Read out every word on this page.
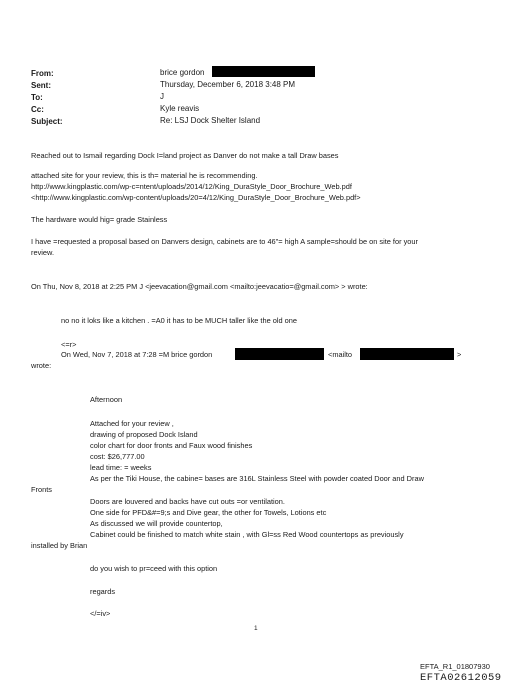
From:	brice gordon
Sent:	Thursday, December 6, 2018 3:48 PM
To:	J
Cc:	Kyle reavis
Subject:	Re: LSJ Dock Shelter Island
Reached out to Ismail regarding Dock I=land project as Danver do not make a tall Draw bases
attached site for your review, this is th= material he is recommending.
http://www.kingplastic.com/wp-c=ntent/uploads/2014/12/King_DuraStyle_Door_Brochure_Web.pdf
<http://www.kingplastic.com/wp-content/uploads/20=4/12/King_DuraStyle_Door_Brochure_Web.pdf>
The hardware would hig= grade Stainless
I have =requested a proposal based on Danvers design, cabinets are to 46"= high A sample=should be on site for your
review.
On Thu, Nov 8, 2018 at 2:25 PM J <jeevacation@gmail.com <mailto:jeevacatio=@gmail.com> > wrote:
no no it loks like a kitchen . =A0 it has to be MUCH taller like the old one
<=r>
On Wed, Nov 7, 2018 at 7:28 =M brice gordon	<mailto	>
wrote:
Afternoon
Attached for your review ,
drawing of proposed Dock Island
color chart for door fronts and Faux wood finishes
cost: $26,777.00
lead time: = weeks
As per the Tiki House, the cabine= bases are 316L Stainless Steel with powder coated Door and Draw
Fronts
Doors are louvered and backs have cut outs =or ventilation.
One side for PFD&#=9;s and Dive gear, the other for Towels, Lotions etc
As discussed we will provide countertop,
Cabinet could be finished to match white stain , with Gl=ss Red Wood countertops as previously
installed by Brian
do you wish to pr=ceed with this option
regards
</=iv>
1
EFTA_R1_01807930
EFTA02612059
